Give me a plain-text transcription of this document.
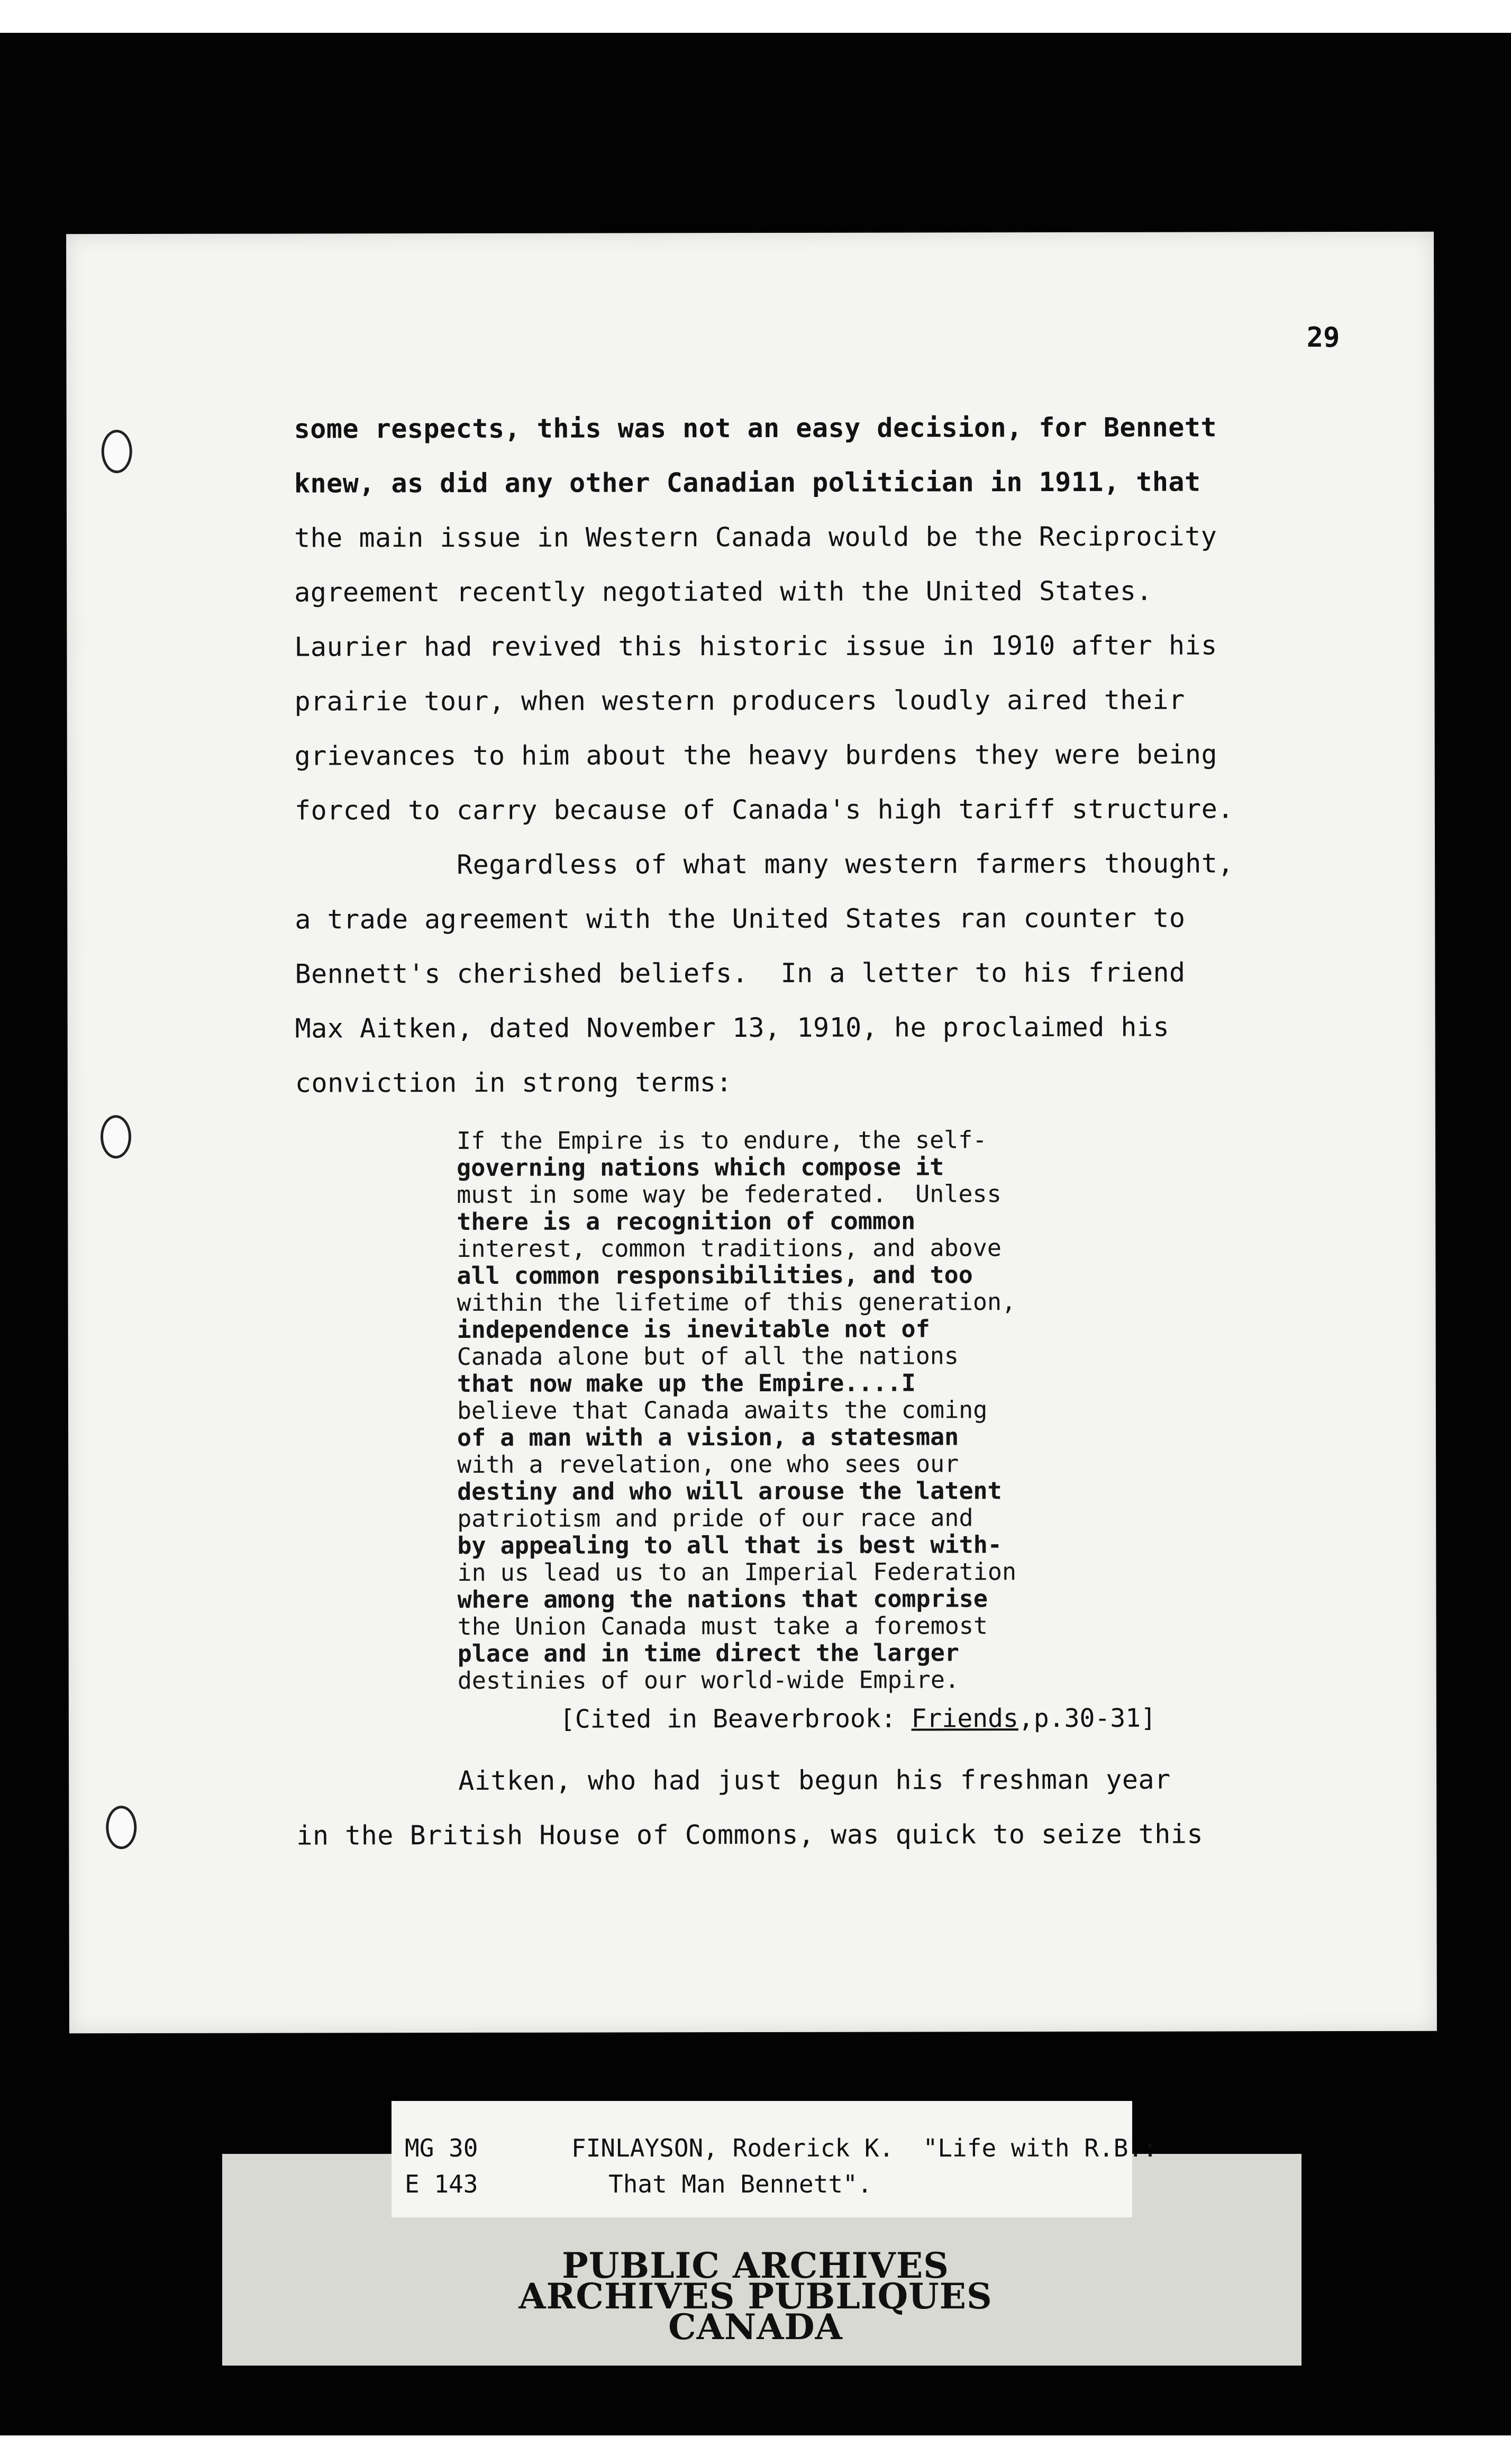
29
some respects, this was not an easy decision, for Bennett
knew, as did any other Canadian politician in 1911, that
the main issue in Western Canada would be the Reciprocity
agreement recently negotiated with the United States.
Laurier had revived this historic issue in 1910 after his
prairie tour, when western producers loudly aired their
grievances to him about the heavy burdens they were being
forced to carry because of Canada's high tariff structure.
Regardless of what many western farmers thought,
a trade agreement with the United States ran counter to
Bennett's cherished beliefs.  In a letter to his friend
Max Aitken, dated November 13, 1910, he proclaimed his
conviction in strong terms:
If the Empire is to endure, the self-
governing nations which compose it
must in some way be federated.  Unless
there is a recognition of common
interest, common traditions, and above
all common responsibilities, and too
within the lifetime of this generation,
independence is inevitable not of
Canada alone but of all the nations
that now make up the Empire....I
believe that Canada awaits the coming
of a man with a vision, a statesman
with a revelation, one who sees our
destiny and who will arouse the latent
patriotism and pride of our race and
by appealing to all that is best with-
in us lead us to an Imperial Federation
where among the nations that comprise
the Union Canada must take a foremost
place and in time direct the larger
destinies of our world-wide Empire.
[Cited in Beaverbrook: Friends,p.30-31]
Aitken, who had just begun his freshman year
in the British House of Commons, was quick to seize this
MG 30
E 143
FINLAYSON, Roderick K.  "Life with R.B.:
That Man Bennett".
PUBLIC ARCHIVES
ARCHIVES PUBLIQUES
CANADA
